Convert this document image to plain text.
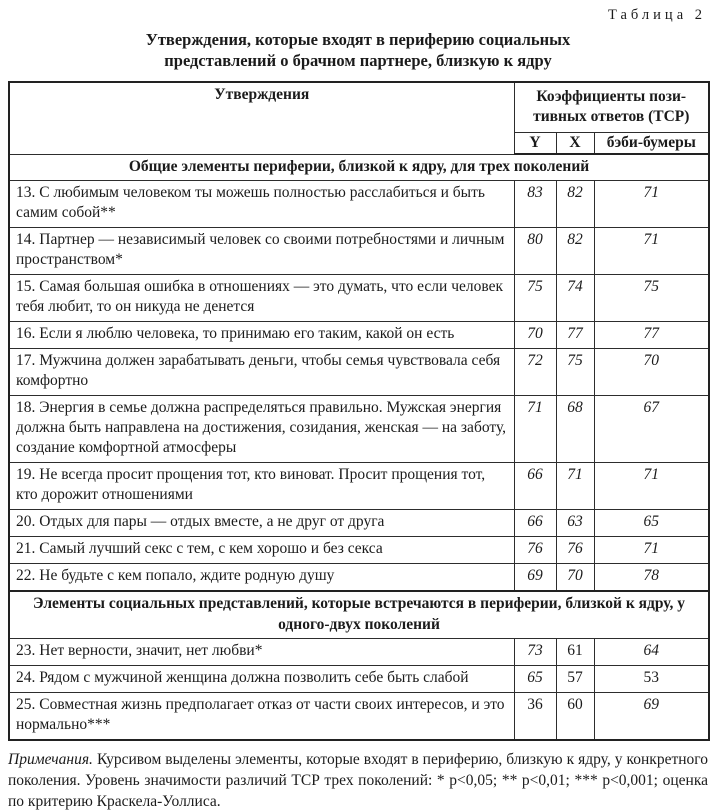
Таблица 2
Утверждения, которые входят в периферию социальных
представлений о брачном партнере, близкую к ядру
Утверждения	Коэффициенты позитивных ответов (ТСР)		
	Y	X	бэби-бумеры
Общие элементы периферии, близкой к ядру, для трех поколений			
13. С любимым человеком ты можешь полностью расслабиться и быть самим собой**	83	82	71
14. Партнер — независимый человек со своими потребностями и личным пространством*	80	82	71
15. Самая большая ошибка в отношениях — это думать, что если человек тебя любит, то он никуда не денется	75	74	75
16. Если я люблю человека, то принимаю его таким, какой он есть	70	77	77
17. Мужчина должен зарабатывать деньги, чтобы семья чувствовала себя комфортно	72	75	70
18. Энергия в семье должна распределяться правильно. Мужская энергия должна быть направлена на достижения, созидания, женская — на заботу, создание комфортной атмосферы	71	68	67
19. Не всегда просит прощения тот, кто виноват. Просит прощения тот, кто дорожит отношениями	66	71	71
20. Отдых для пары — отдых вместе, а не друг от друга	66	63	65
21. Самый лучший секс с тем, с кем хорошо и без секса	76	76	71
22. Не будьте с кем попало, ждите родную душу	69	70	78
Элементы социальных представлений, которые встречаются в периферии, близкой к ядру, у одного-двух поколений			
23. Нет верности, значит, нет любви*	73	61	64
24. Рядом с мужчиной женщина должна позволить себе быть слабой	65	57	53
25. Совместная жизнь предполагает отказ от части своих интересов, и это нормально***	36	60	69

Примечания. Курсивом выделены элементы, которые входят в периферию, близкую к ядру, у конкретного поколения. Уровень значимости различий ТСР трех поколений: * p<0,05; ** p<0,01; *** p<0,001; оценка по критерию Краскела-Уоллиса.
